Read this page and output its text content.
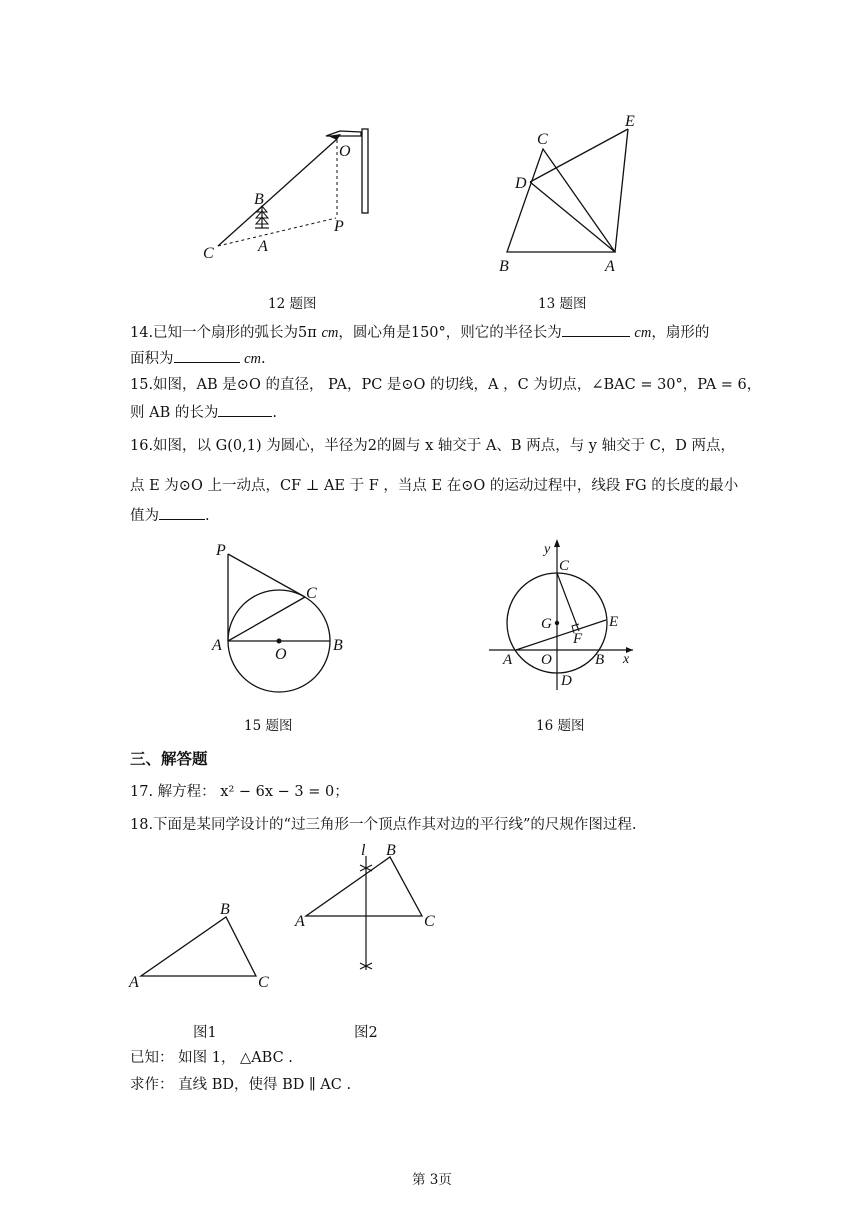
O
B
C	A
P
C
E
D
B	A
12 题图	13 题图
14.已知一个扇形的弧长为5π cm，圆心角是150°，则它的半径长为	cm，扇形的
面积为	cm.
15.如图，AB 是⊙O 的直径， PA，PC 是⊙O 的切线，A ，C 为切点，∠BAC = 30°，PA = 6，
则 AB 的长为	.
16.如图，以 G(0,1) 为圆心，半径为2的圆与 x 轴交于 A、B 两点，与 y 轴交于 C，D 两点，
点 E 为⊙O 上一动点，CF ⊥ AE 于 F ，当点 E 在⊙O 的运动过程中，线段 FG 的长度的最小
值为	.
P
C
A
O
B
y
C
G
F
E
A O	B x
D
15 题图	16 题图
三、解答题
17. 解方程： x² − 6x − 3 = 0；
18.下面是某同学设计的“过三角形一个顶点作其对边的平行线”的尺规作图过程.
B
A	C
l B
A	C
图1	图2
已知： 如图 1， △ABC .
求作： 直线 BD，使得 BD ∥ AC .
第 3页
